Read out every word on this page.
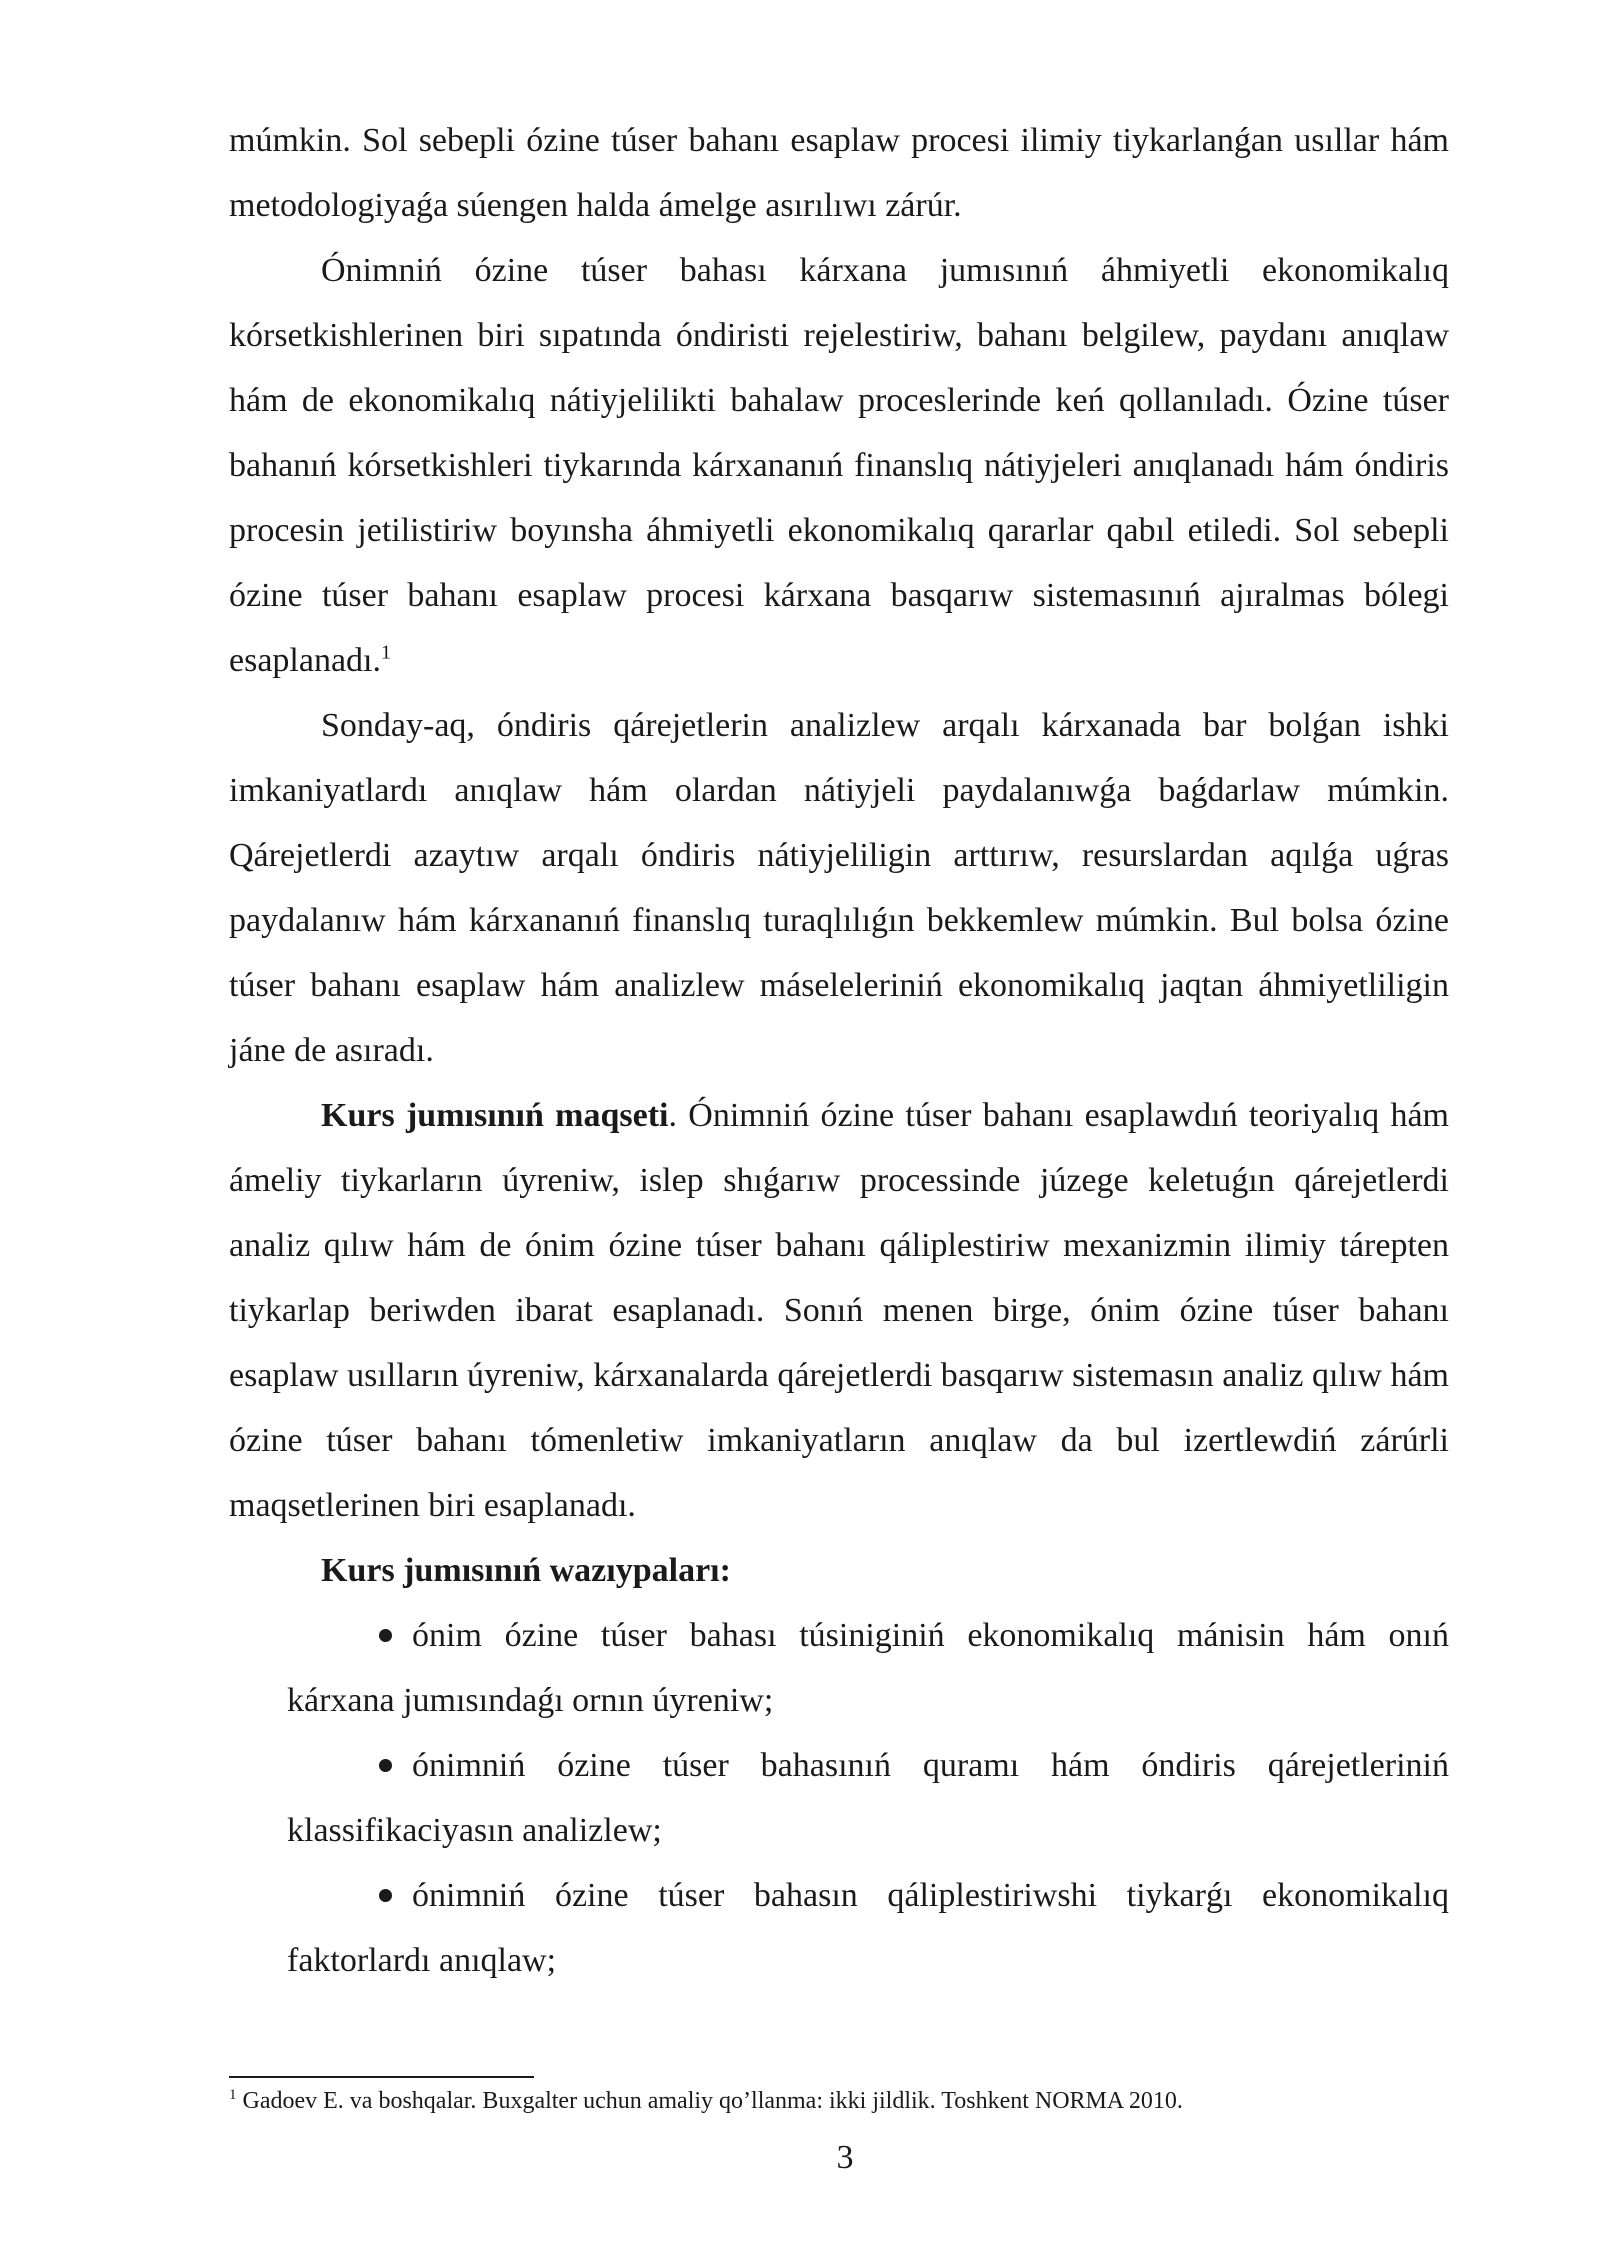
múmkin. Sol sebepli ózine túser bahanı esaplaw procesi ilimiy tiykarlanǵan usıllar hám metodologiyaǵa súengen halda ámelge asırılıwı zárúr.

Ónimniń ózine túser bahası kárxana jumısınıń áhmiyetli ekonomikalıq kórsetkishlerinen biri sıpatında óndiristi rejelestiriw, bahanı belgilew, paydanı anıqlaw hám de ekonomikalıq nátiyjelilikti bahalaw proceslerinde keń qollanıladı. Ózine túser bahanıń kórsetkishleri tiykarında kárxananıń finanslıq nátiyjeleri anıqlanadı hám óndiris procesin jetilistiriw boyınsha áhmiyetli ekonomikalıq qararlar qabıl etiledi. Sol sebepli ózine túser bahanı esaplaw procesi kárxana basqarıw sistemasınıń ajıralmas bólegi esaplanadı.$^1$

Sonday-aq, óndiris qárejetlerin analizlew arqalı kárxanada bar bolǵan ishki imkaniyatlardı anıqlaw hám olardan nátiyjeli paydalanıwǵa baǵdarlaw múmkin. Qárejetlerdi azaytıw arqalı óndiris nátiyjeliligin arttırıw, resurslardan aqılǵa uǵras paydalanıw hám kárxananıń finanslıq turaqlılıǵın bekkemlew múmkin. Bul bolsa ózine túser bahanı esaplaw hám analizlew máseleleriniń ekonomikalıq jaqtan áhmiyetliligin jáne de asıradı.

Kurs jumısınıń maqseti. Ónimniń ózine túser bahanı esaplawdıń teoriyalıq hám ámeliy tiykarların úyreniw, islep shıǵarıw processinde júzege keletuǵın qárejetlerdi analiz qılıw hám de ónim ózine túser bahanı qáliplestiriw mexanizmin ilimiy tárepten tiykarlap beriwden ibarat esaplanadı. Sonıń menen birge, ónim ózine túser bahanı esaplaw usılların úyreniw, kárxanalarda qárejetlerdi basqarıw sistemasın analiz qılıw hám ózine túser bahanı tómenletiw imkaniyatların anıqlaw da bul izertlewdiń zárúrli maqsetlerinen biri esaplanadı.

Kurs jumısınıń wazıypaları:

ónim ózine túser bahası túsiniginiń ekonomikalıq mánisin hám onıń kárxana jumısındaǵı ornın úyreniw;

ónimniń ózine túser bahasınıń quramı hám óndiris qárejetleriniń klassifikaciyasın analizlew;

ónimniń ózine túser bahasın qáliplestiriwshi tiykarǵı ekonomikalıq faktorlardı anıqlaw;

$^1$ Gadoev E. va boshqalar. Buxgalter uchun amaliy qo’llanma: ikki jildlik. Toshkent NORMA 2010.
3
